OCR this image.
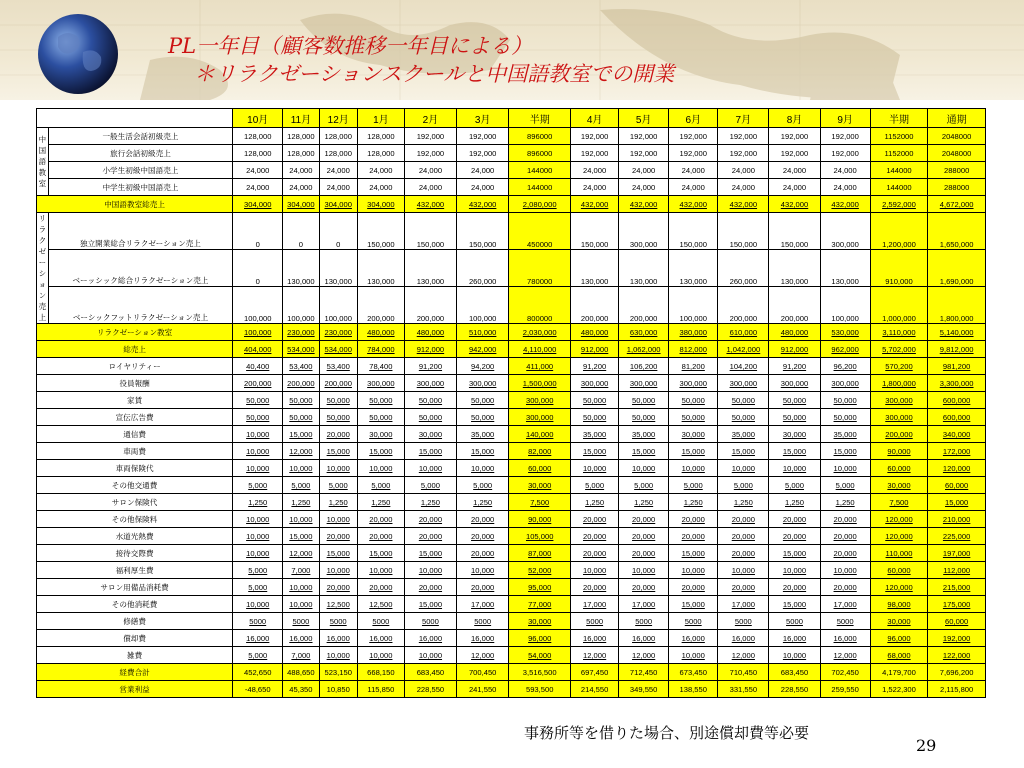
PL一年目（顧客数推移一年目による）
＊リラクゼーションスクールと中国語教室での開業
		10月	11月	12月	1月	2月	3月	半期	4月	5月	6月	7月	8月	9月	半期	通期
中国語教室	一般生活会話初級売上	128,000	128,000	128,000	128,000	192,000	192,000	896000	192,000	192,000	192,000	192,000	192,000	192,000	1152000	2048000
	旅行会話初級売上	128,000	128,000	128,000	128,000	192,000	192,000	896000	192,000	192,000	192,000	192,000	192,000	192,000	1152000	2048000
	小学生初級中国語売上	24,000	24,000	24,000	24,000	24,000	24,000	144000	24,000	24,000	24,000	24,000	24,000	24,000	144000	288000
	中学生初級中国語売上	24,000	24,000	24,000	24,000	24,000	24,000	144000	24,000	24,000	24,000	24,000	24,000	24,000	144000	288000
中国語教室総売上		304,000	304,000	304,000	304,000	432,000	432,000	2,080,000	432,000	432,000	432,000	432,000	432,000	432,000	2,592,000	4,672,000
リラクゼーション売上	独立開業総合リラクゼーション売上	0	0	0	150,000	150,000	150,000	450000	150,000	300,000	150,000	150,000	150,000	300,000	1,200,000	1,650,000
	ベーッシック総合リラクゼーション売上	0	130,000	130,000	130,000	130,000	260,000	780000	130,000	130,000	130,000	260,000	130,000	130,000	910,000	1,690,000
	ベーシックフットリラクゼーション売上	100,000	100,000	100,000	200,000	200,000	100,000	800000	200,000	200,000	100,000	200,000	200,000	100,000	1,000,000	1,800,000
リラクゼーション教室		100,000	230,000	230,000	480,000	480,000	510,000	2,030,000	480,000	630,000	380,000	610,000	480,000	530,000	3,110,000	5,140,000
総売上		404,000	534,000	534,000	784,000	912,000	942,000	4,110,000	912,000	1,062,000	812,000	1,042,000	912,000	962,000	5,702,000	9,812,000
ロイヤリティー		40,400	53,400	53,400	78,400	91,200	94,200	411,000	91,200	106,200	81,200	104,200	91,200	96,200	570,200	981,200
役員報酬		200,000	200,000	200,000	300,000	300,000	300,000	1,500,000	300,000	300,000	300,000	300,000	300,000	300,000	1,800,000	3,300,000
家賃		50,000	50,000	50,000	50,000	50,000	50,000	300,000	50,000	50,000	50,000	50,000	50,000	50,000	300,000	600,000
宣伝広告費		50,000	50,000	50,000	50,000	50,000	50,000	300,000	50,000	50,000	50,000	50,000	50,000	50,000	300,000	600,000
通信費		10,000	15,000	20,000	30,000	30,000	35,000	140,000	35,000	35,000	30,000	35,000	30,000	35,000	200,000	340,000
車両費		10,000	12,000	15,000	15,000	15,000	15,000	82,000	15,000	15,000	15,000	15,000	15,000	15,000	90,000	172,000
車両保険代		10,000	10,000	10,000	10,000	10,000	10,000	60,000	10,000	10,000	10,000	10,000	10,000	10,000	60,000	120,000
その他交通費		5,000	5,000	5,000	5,000	5,000	5,000	30,000	5,000	5,000	5,000	5,000	5,000	5,000	30,000	60,000
サロン保険代		1,250	1,250	1,250	1,250	1,250	1,250	7,500	1,250	1,250	1,250	1,250	1,250	1,250	7,500	15,000
その他保険料		10,000	10,000	10,000	20,000	20,000	20,000	90,000	20,000	20,000	20,000	20,000	20,000	20,000	120,000	210,000
水道光熱費		10,000	15,000	20,000	20,000	20,000	20,000	105,000	20,000	20,000	20,000	20,000	20,000	20,000	120,000	225,000
接待交際費		10,000	12,000	15,000	15,000	15,000	20,000	87,000	20,000	20,000	15,000	20,000	15,000	20,000	110,000	197,000
福利厚生費		5,000	7,000	10,000	10,000	10,000	10,000	52,000	10,000	10,000	10,000	10,000	10,000	10,000	60,000	112,000
サロン用備品消耗費		5,000	10,000	20,000	20,000	20,000	20,000	95,000	20,000	20,000	20,000	20,000	20,000	20,000	120,000	215,000
その他消耗費		10,000	10,000	12,500	12,500	15,000	17,000	77,000	17,000	17,000	15,000	17,000	15,000	17,000	98,000	175,000
修繕費		5000	5000	5000	5000	5000	5000	30,000	5000	5000	5000	5000	5000	5000	30,000	60,000
償却費		16,000	16,000	16,000	16,000	16,000	16,000	96,000	16,000	16,000	16,000	16,000	16,000	16,000	96,000	192,000
雑費		5,000	7,000	10,000	10,000	10,000	12,000	54,000	12,000	12,000	10,000	12,000	10,000	12,000	68,000	122,000
経費合計		452,650	488,650	523,150	668,150	683,450	700,450	3,516,500	697,450	712,450	673,450	710,450	683,450	702,450	4,179,700	7,696,200
営業利益		-48,650	45,350	10,850	115,850	228,550	241,550	593,500	214,550	349,550	138,550	331,550	228,550	259,550	1,522,300	2,115,800
事務所等を借りた場合、別途償却費等必要
29
